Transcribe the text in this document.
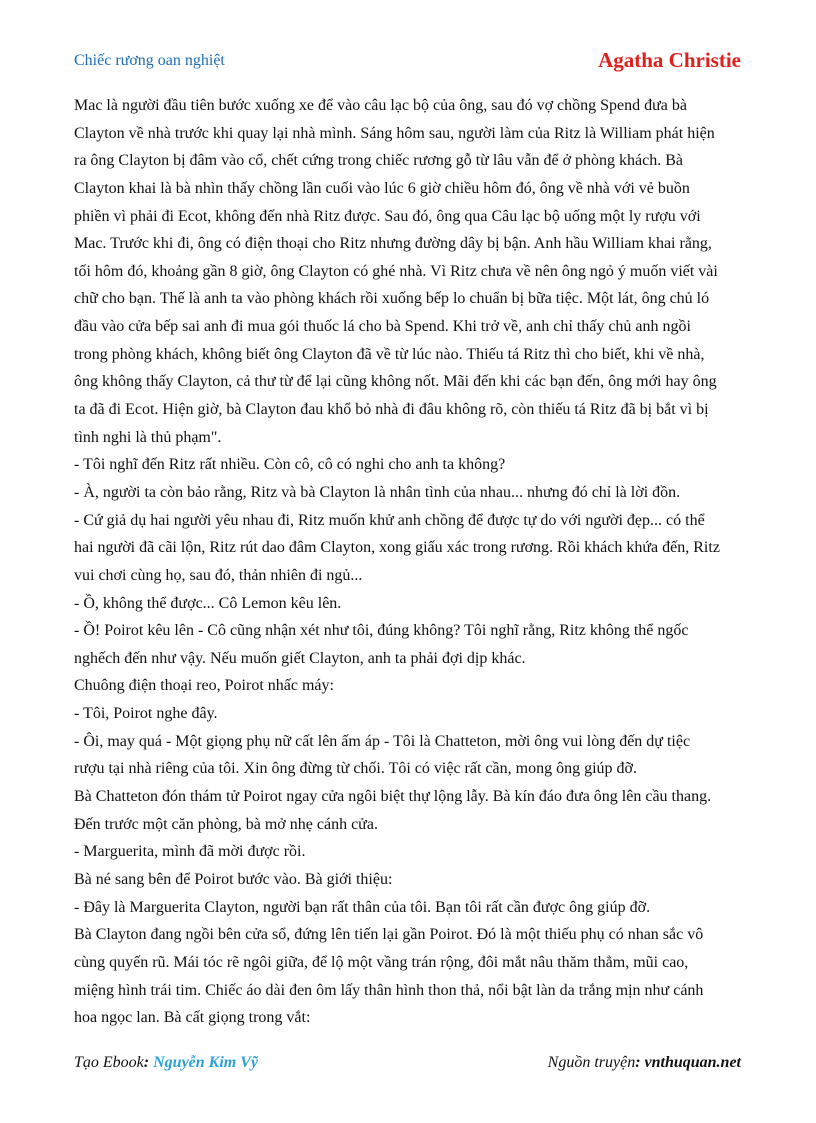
Chiếc rương oan nghiệt	Agatha Christie
Mac là người đầu tiên bước xuống xe để vào câu lạc bộ của ông, sau đó vợ chồng Spend đưa bà
Clayton về nhà trước khi quay lại nhà mình. Sáng hôm sau, người làm của Ritz là William phát hiện
ra ông Clayton bị đâm vào cổ, chết cứng trong chiếc rương gỗ từ lâu vẫn để ở phòng khách. Bà
Clayton khai là bà nhìn thấy chồng lần cuối vào lúc 6 giờ chiều hôm đó, ông về nhà với vẻ buồn
phiền vì phải đi Ecot, không đến nhà Ritz được. Sau đó, ông qua Câu lạc bộ uống một ly rượu với
Mac. Trước khi đi, ông có điện thoại cho Ritz nhưng đường dây bị bận. Anh hầu William khai rằng,
tối hôm đó, khoảng gần 8 giờ, ông Clayton có ghé nhà. Vì Ritz chưa về nên ông ngỏ ý muốn viết vài
chữ cho bạn. Thế là anh ta vào phòng khách rồi xuống bếp lo chuẩn bị bữa tiệc. Một lát, ông chủ ló
đầu vào cửa bếp sai anh đi mua gói thuốc lá cho bà Spend. Khi trở về, anh chỉ thấy chủ anh ngồi
trong phòng khách, không biết ông Clayton đã về từ lúc nào. Thiếu tá Ritz thì cho biết, khi về nhà,
ông không thấy Clayton, cả thư từ để lại cũng không nốt. Mãi đến khi các bạn đến, ông mới hay ông
ta đã đi Ecot. Hiện giờ, bà Clayton đau khổ bỏ nhà đi đâu không rõ, còn thiếu tá Ritz đã bị bắt vì bị
tình nghi là thủ phạm".
- Tôi nghĩ đến Ritz rất nhiều. Còn cô, cô có nghi cho anh ta không?
- À, người ta còn bảo rằng, Ritz và bà Clayton là nhân tình của nhau... nhưng đó chỉ là lời đồn.
- Cứ giả dụ hai người yêu nhau đi, Ritz muốn khử anh chồng để được tự do với người đẹp... có thể
hai người đã cãi lộn, Ritz rút dao đâm Clayton, xong giấu xác trong rương. Rồi khách khứa đến, Ritz
vui chơi cùng họ, sau đó, thản nhiên đi ngủ...
- Ồ, không thể được... Cô Lemon kêu lên.
- Ồ! Poirot kêu lên - Cô cũng nhận xét như tôi, đúng không? Tôi nghĩ rằng, Ritz không thể ngốc
nghếch đến như vậy. Nếu muốn giết Clayton, anh ta phải đợi dịp khác.
Chuông điện thoại reo, Poirot nhấc máy:
- Tôi, Poirot nghe đây.
- Ôi, may quá - Một giọng phụ nữ cất lên ấm áp - Tôi là Chatteton, mời ông vui lòng đến dự tiệc
rượu tại nhà riêng của tôi. Xin ông đừng từ chối. Tôi có việc rất cần, mong ông giúp đỡ.
Bà Chatteton đón thám tử Poirot ngay cửa ngôi biệt thự lộng lẫy. Bà kín đáo đưa ông lên cầu thang.
Đến trước một căn phòng, bà mở nhẹ cánh cửa.
- Marguerita, mình đã mời được rồi.
Bà né sang bên để Poirot bước vào. Bà giới thiệu:
- Đây là Marguerita Clayton, người bạn rất thân của tôi. Bạn tôi rất cần được ông giúp đỡ.
Bà Clayton đang ngồi bên cửa sổ, đứng lên tiến lại gần Poirot. Đó là một thiếu phụ có nhan sắc vô
cùng quyến rũ. Mái tóc rẽ ngôi giữa, để lộ một vầng trán rộng, đôi mắt nâu thăm thẳm, mũi cao,
miệng hình trái tim. Chiếc áo dài đen ôm lấy thân hình thon thả, nổi bật làn da trắng mịn như cánh
hoa ngọc lan. Bà cất giọng trong vắt:
Tạo Ebook: Nguyễn Kim Vỹ	Nguồn truyện: vnthuquan.net
